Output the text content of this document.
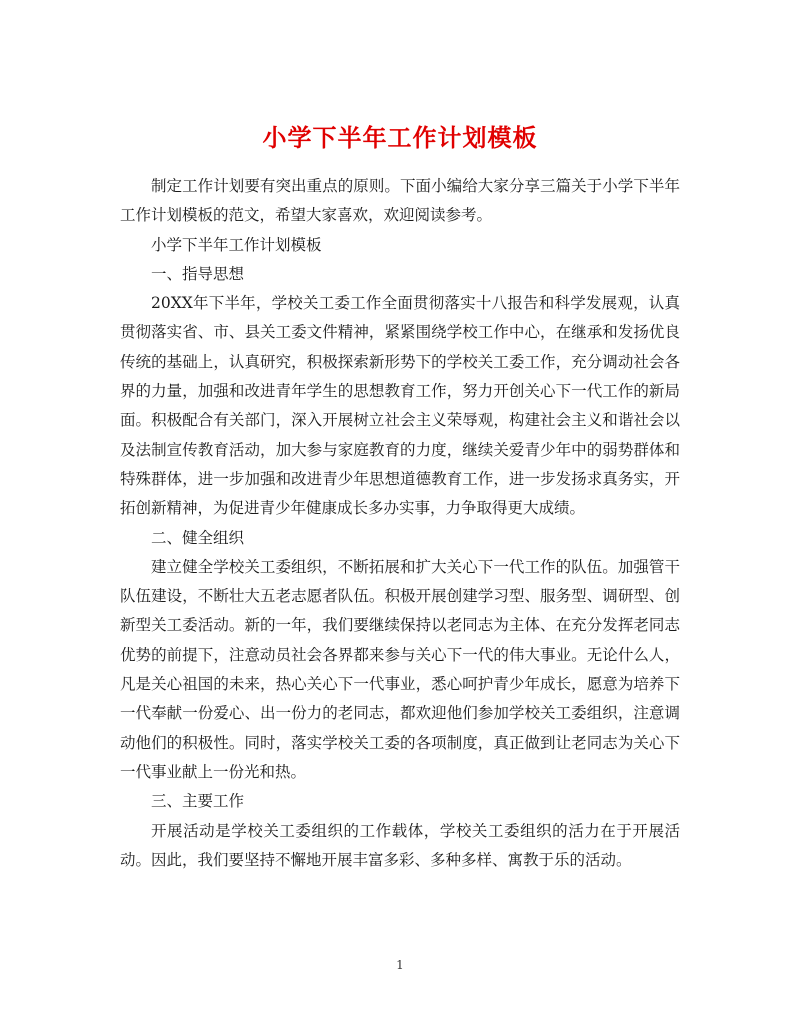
小学下半年工作计划模板

制定工作计划要有突出重点的原则。下面小编给大家分享三篇关于小学下半年工作计划模板的范文，希望大家喜欢，欢迎阅读参考。

小学下半年工作计划模板

一、指导思想

20XX年下半年，学校关工委工作全面贯彻落实十八报告和科学发展观，认真贯彻落实省、市、县关工委文件精神，紧紧围绕学校工作中心，在继承和发扬优良传统的基础上，认真研究，积极探索新形势下的学校关工委工作，充分调动社会各界的力量，加强和改进青年学生的思想教育工作，努力开创关心下一代工作的新局面。积极配合有关部门，深入开展树立社会主义荣辱观，构建社会主义和谐社会以及法制宣传教育活动，加大参与家庭教育的力度，继续关爱青少年中的弱势群体和特殊群体，进一步加强和改进青少年思想道德教育工作，进一步发扬求真务实，开拓创新精神，为促进青少年健康成长多办实事，力争取得更大成绩。

二、健全组织

建立健全学校关工委组织，不断拓展和扩大关心下一代工作的队伍。加强管干队伍建设，不断壮大五老志愿者队伍。积极开展创建学习型、服务型、调研型、创新型关工委活动。新的一年，我们要继续保持以老同志为主体、在充分发挥老同志优势的前提下，注意动员社会各界都来参与关心下一代的伟大事业。无论什么人，凡是关心祖国的未来，热心关心下一代事业，悉心呵护青少年成长，愿意为培养下一代奉献一份爱心、出一份力的老同志，都欢迎他们参加学校关工委组织，注意调动他们的积极性。同时，落实学校关工委的各项制度，真正做到让老同志为关心下一代事业献上一份光和热。

三、主要工作

开展活动是学校关工委组织的工作载体，学校关工委组织的活力在于开展活动。因此，我们要坚持不懈地开展丰富多彩、多种多样、寓教于乐的活动。

1
